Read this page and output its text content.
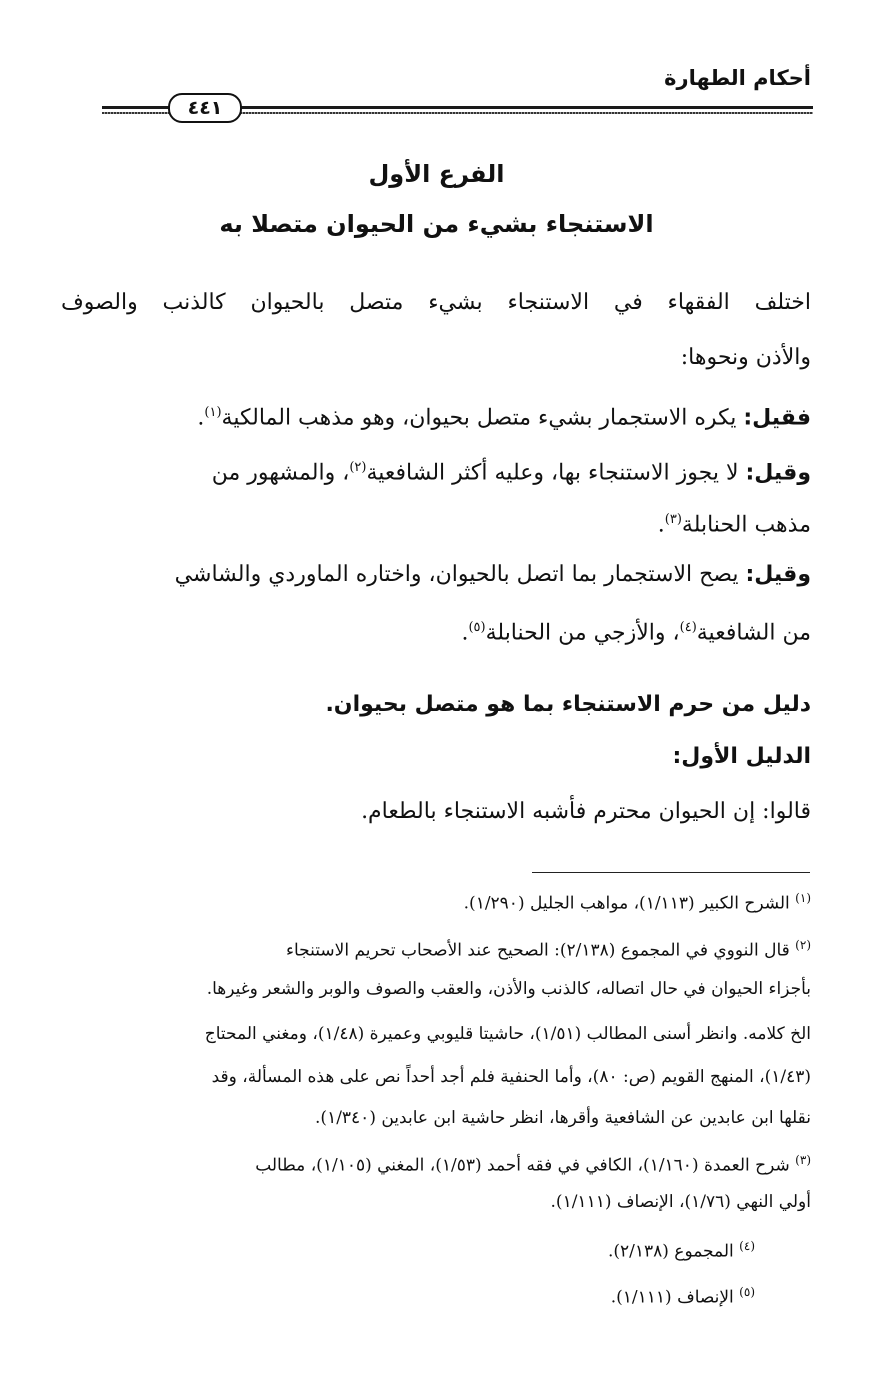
أحكام الطهارة
٤٤١
الفرع الأول
الاستنجاء بشيء من الحيوان متصلا به
اختلف الفقهاء في الاستنجاء بشيء متصل بالحيوان كالذنب والصوف
والأذن ونحوها:
فقيل: يكره الاستجمار بشيء متصل بحيوان، وهو مذهب المالكية$^{(١)}$.
وقيل: لا يجوز الاستنجاء بها، وعليه أكثر الشافعية$^{(٢)}$، والمشهور من
مذهب الحنابلة$^{(٣)}$.
وقيل: يصح الاستجمار بما اتصل بالحيوان، واختاره الماوردي والشاشي
من الشافعية$^{(٤)}$، والأزجي من الحنابلة$^{(٥)}$.
دليل من حرم الاستنجاء بما هو متصل بحيوان.
الدليل الأول:
قالوا: إن الحيوان محترم فأشبه الاستنجاء بالطعام.
$^{(١)}$ الشرح الكبير (١/١١٣)، مواهب الجليل (١/٢٩٠).
$^{(٢)}$ قال النووي في المجموع (٢/١٣٨): الصحيح عند الأصحاب تحريم الاستنجاء
بأجزاء الحيوان في حال اتصاله، كالذنب والأذن، والعقب والصوف والوبر والشعر وغيرها.
الخ كلامه. وانظر أسنى المطالب (١/٥١)، حاشيتا قليوبي وعميرة (١/٤٨)، ومغني المحتاج
(١/٤٣)، المنهج القويم (ص: ٨٠)، وأما الحنفية فلم أجد أحداً نص على هذه المسألة، وقد
نقلها ابن عابدين عن الشافعية وأقرها، انظر حاشية ابن عابدين (١/٣٤٠).
$^{(٣)}$ شرح العمدة (١/١٦٠)، الكافي في فقه أحمد (١/٥٣)، المغني (١/١٠٥)، مطالب
أولي النهي (١/٧٦)، الإنصاف (١/١١١).
$^{(٤)}$ المجموع (٢/١٣٨).
$^{(٥)}$ الإنصاف (١/١١١).
